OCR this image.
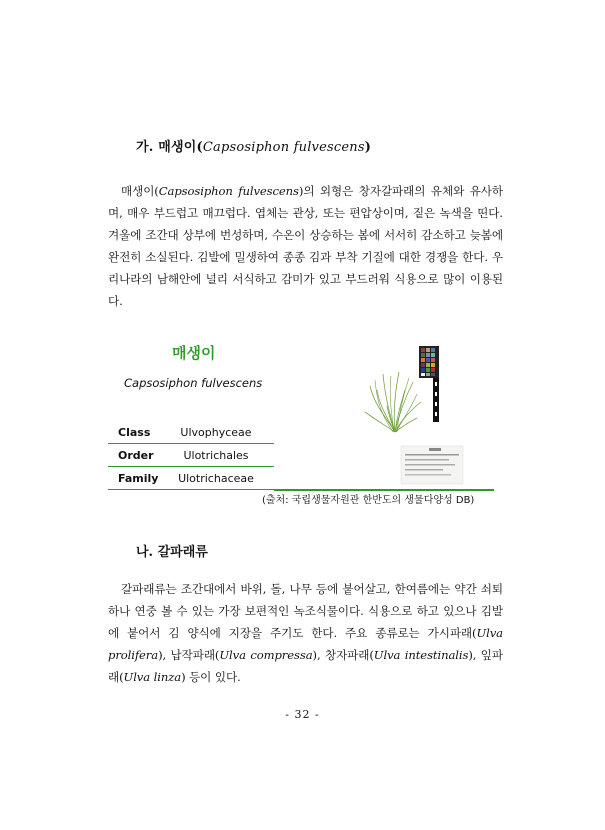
가. 매생이(Capsosiphon fulvescens)
매생이(Capsosiphon fulvescens)의 외형은 창자갈파래의 유체와 유사하며, 매우 부드럽고 매끄럽다. 엽체는 관상, 또는 편압상이며, 짙은 녹색을 띤다. 겨울에 조간대 상부에 번성하며, 수온이 상승하는 봄에 서서히 감소하고 늦봄에 완전히 소실된다. 김발에 밀생하여 종종 김과 부착 기질에 대한 경쟁을 한다. 우리나라의 남해안에 널리 서식하고 감미가 있고 부드러워 식용으로 많이 이용된다.
매생이
Capsosiphon fulvescens
Class	Ulvophyceae
Order	Ulotrichales
Family	Ulotrichaceae
(출처: 국립생물자원관 한반도의 생물다양성 DB)
나. 갈파래류
갈파래류는 조간대에서 바위, 돌, 나무 등에 붙어살고, 한여름에는 약간 쇠퇴하나 연중 볼 수 있는 가장 보편적인 녹조식물이다. 식용으로 하고 있으나 김발에 붙어서 김 양식에 지장을 주기도 한다. 주요 종류로는 가시파래(Ulva prolifera), 납작파래(Ulva compressa), 창자파래(Ulva intestinalis), 잎파래(Ulva linza) 등이 있다.
- 32 -
